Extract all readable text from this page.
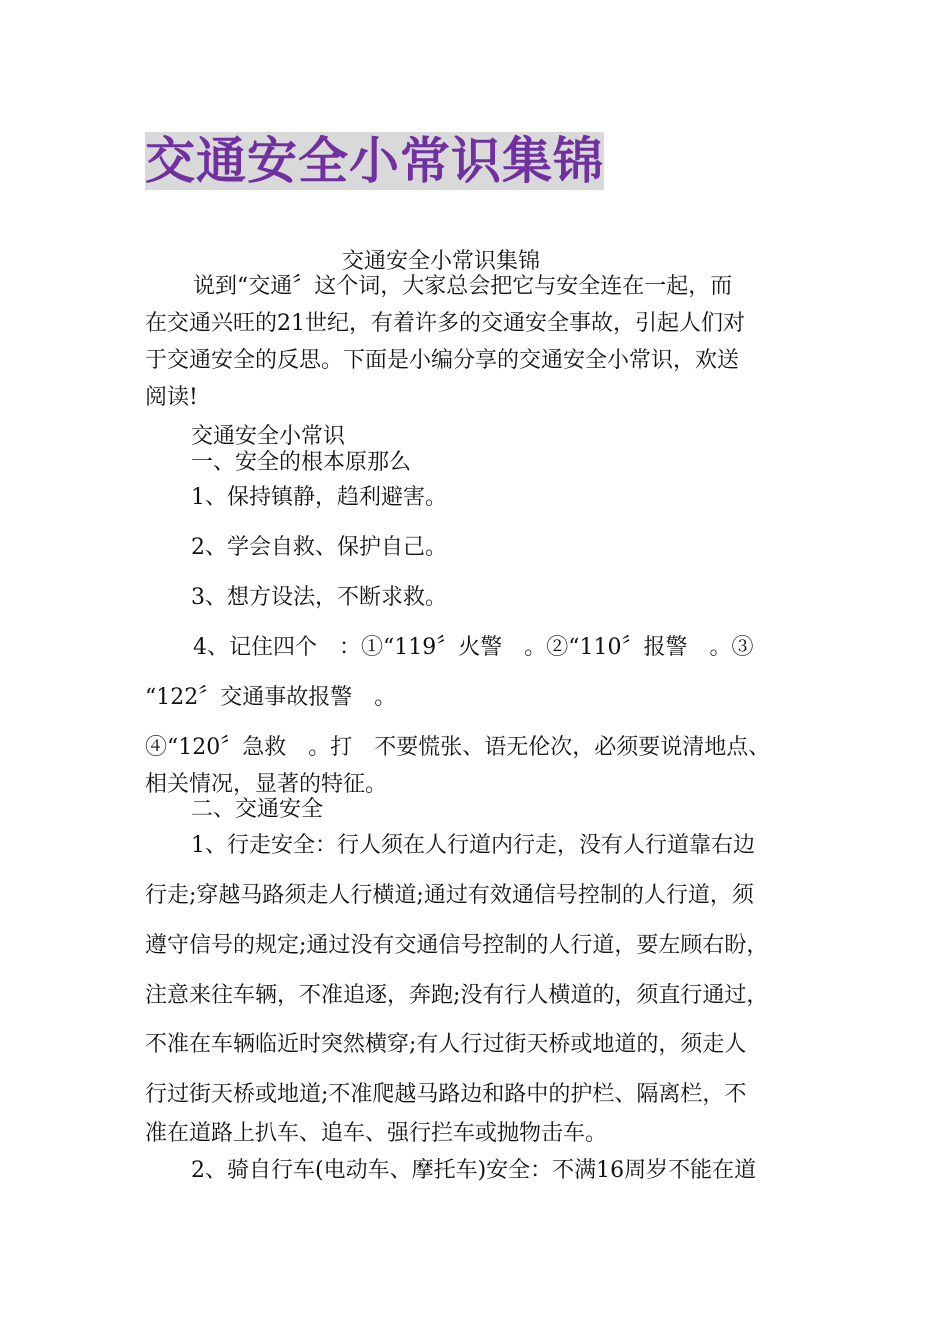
交通安全小常识集锦
交通安全小常识集锦
说到“交通〞这个词，大家总会把它与安全连在一起，而
在交通兴旺的21世纪，有着许多的交通安全事故，引起人们对
于交通安全的反思。下面是小编分享的交通安全小常识，欢送
阅读!
交通安全小常识
一、安全的根本原那么
1、保持镇静，趋利避害。
2、学会自救、保护自己。
3、想方设法，不断求救。
4、记住四个　：①“119〞火警　。②“110〞报警　。③
“122〞交通事故报警　。
④“120〞急救　。打　不要慌张、语无伦次，必须要说清地点、
相关情况，显著的特征。
二、交通安全
1、行走安全：行人须在人行道内行走，没有人行道靠右边
行走;穿越马路须走人行横道;通过有效通信号控制的人行道，须
遵守信号的规定;通过没有交通信号控制的人行道，要左顾右盼，
注意来往车辆，不准追逐，奔跑;没有行人横道的，须直行通过，
不准在车辆临近时突然横穿;有人行过街天桥或地道的，须走人
行过街天桥或地道;不准爬越马路边和路中的护栏、隔离栏，不
准在道路上扒车、追车、强行拦车或抛物击车。
2、骑自行车(电动车、摩托车)安全：不满16周岁不能在道
